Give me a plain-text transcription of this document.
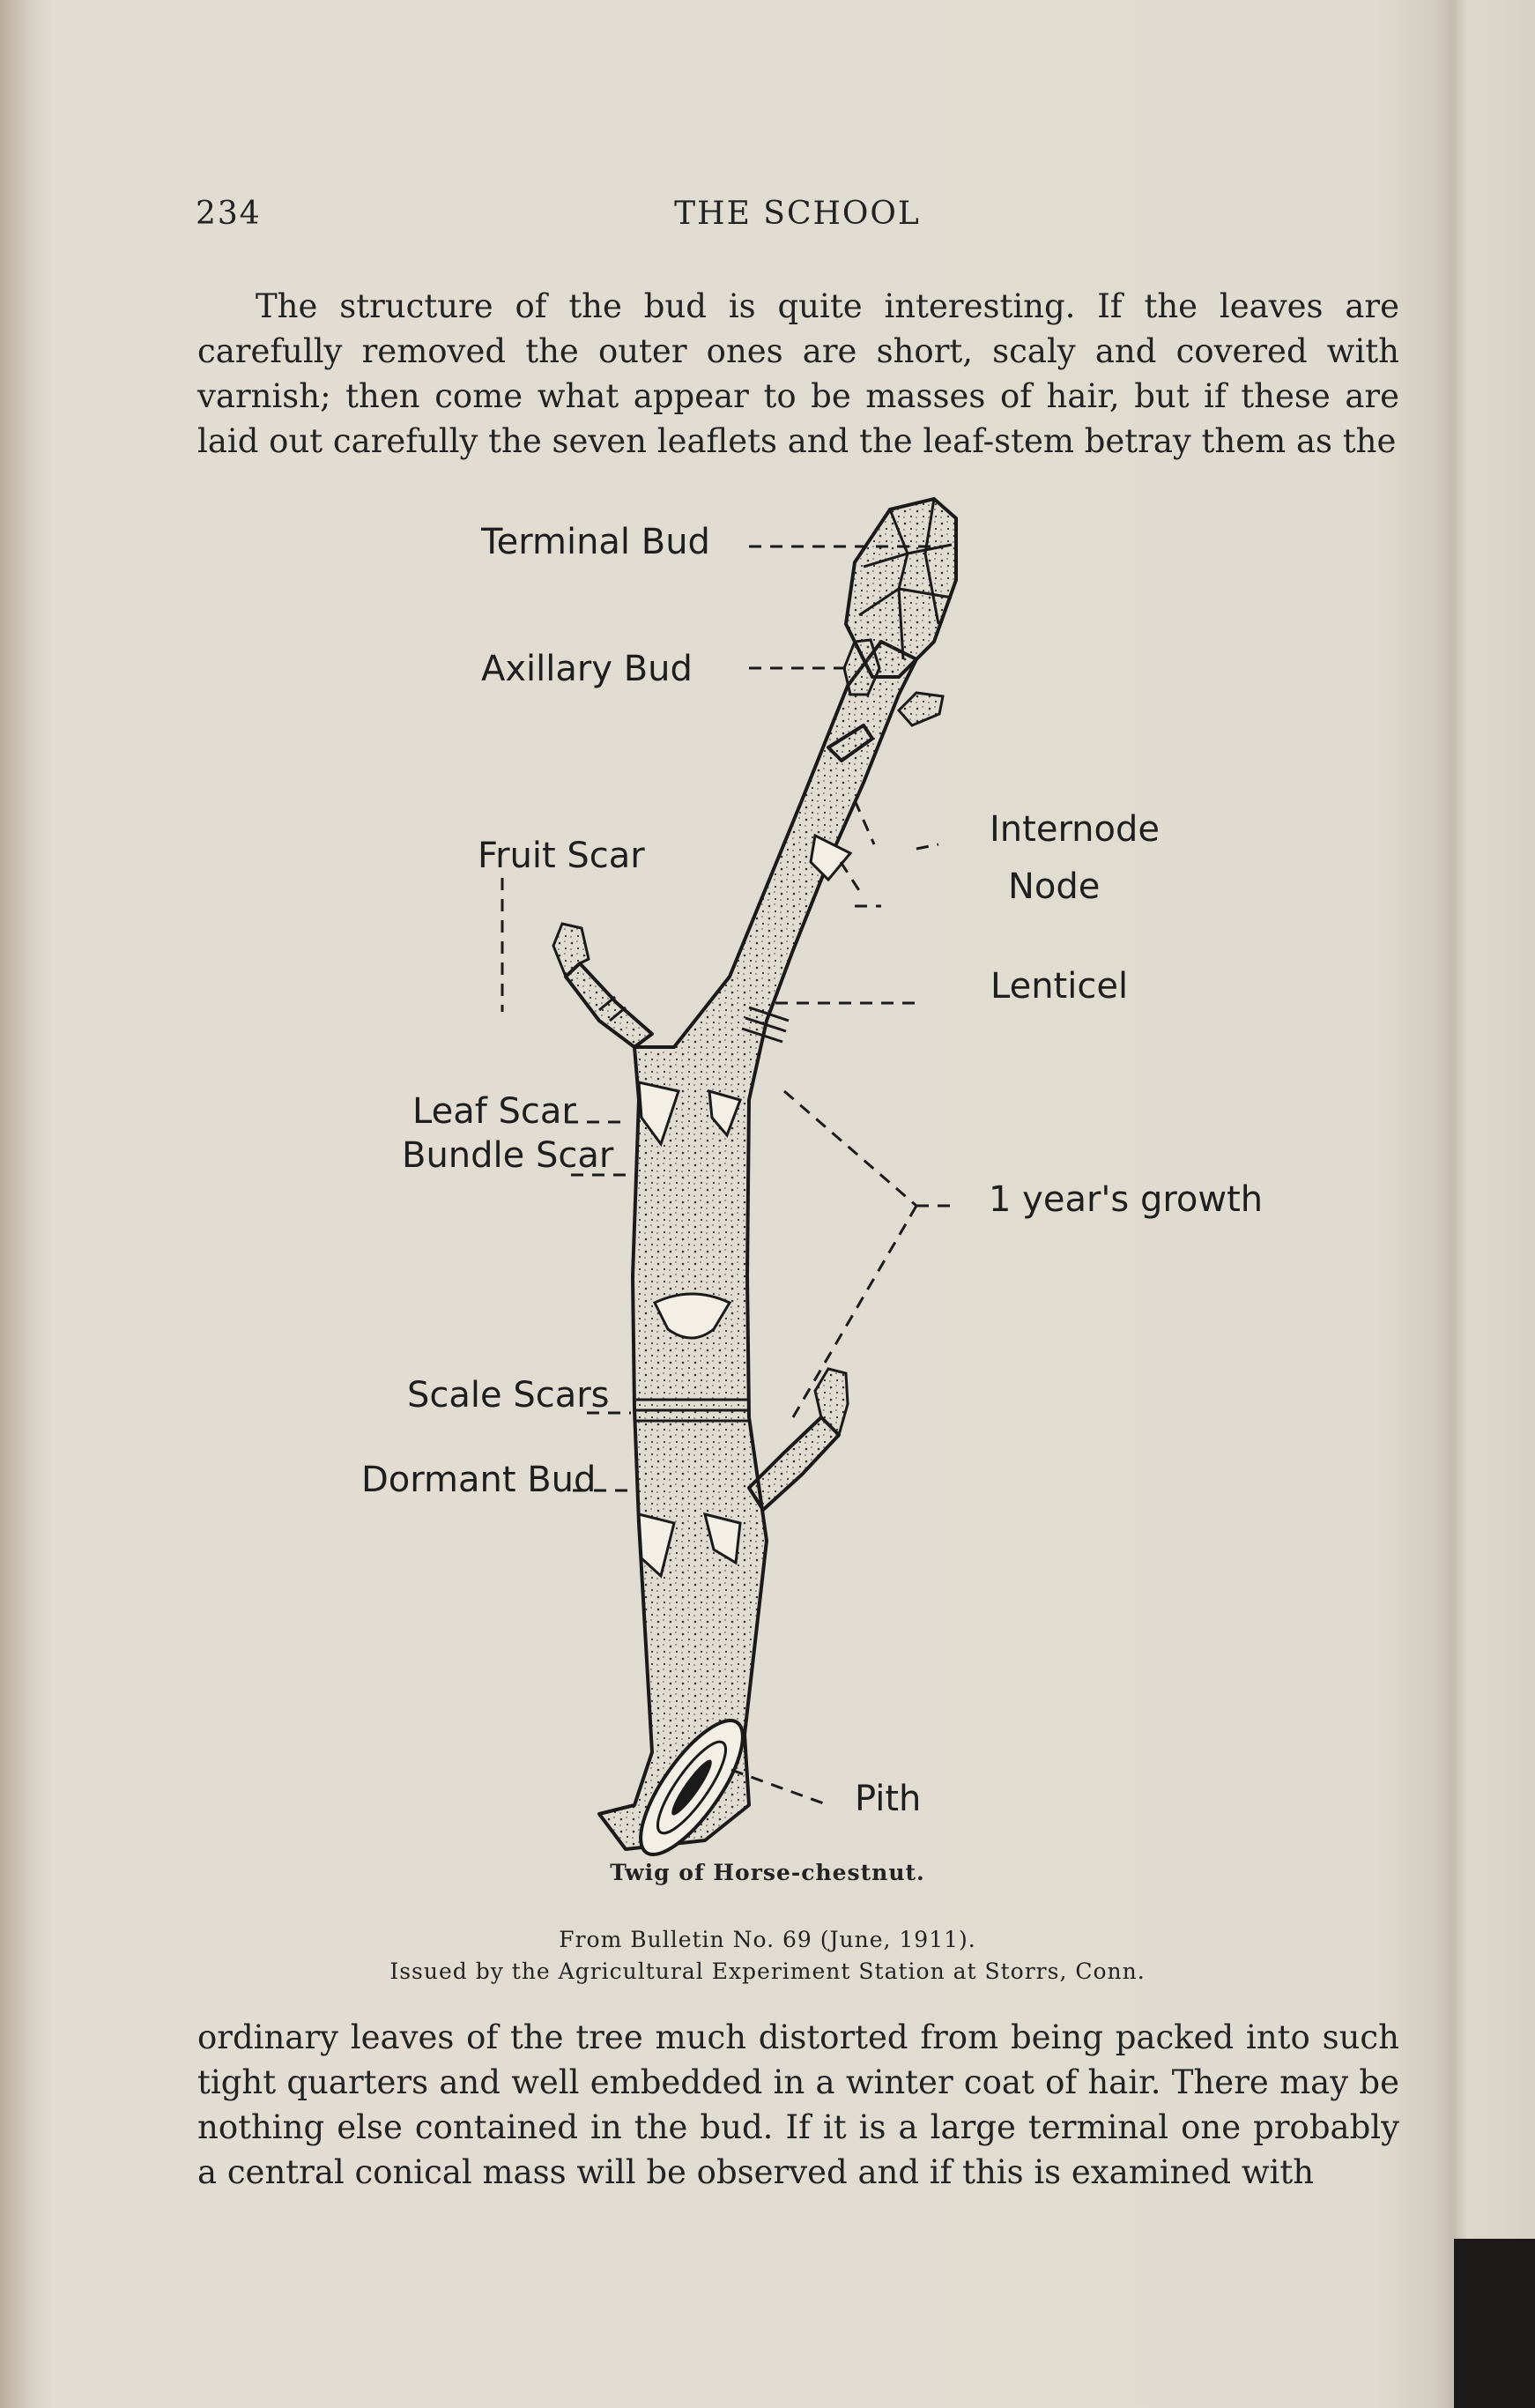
234	THE SCHOOL

The structure of the bud is quite interesting. If the leaves are carefully removed the outer ones are short, scaly and covered with varnish; then come what appear to be masses of hair, but if these are laid out carefully the seven leaflets and the leaf-stem betray them as the

Terminal Bud
Axillary Bud
Internode
Node
Fruit Scar
Lenticel
Leaf Scar
Bundle Scar
1 year's growth
Scale Scars
Dormant Bud
Pith
Twig of Horse-chestnut.
From Bulletin No. 69 (June, 1911).
Issued by the Agricultural Experiment Station at Storrs, Conn.

ordinary leaves of the tree much distorted from being packed into such tight quarters and well embedded in a winter coat of hair. There may be nothing else contained in the bud. If it is a large terminal one probably a central conical mass will be observed and if this is examined with
